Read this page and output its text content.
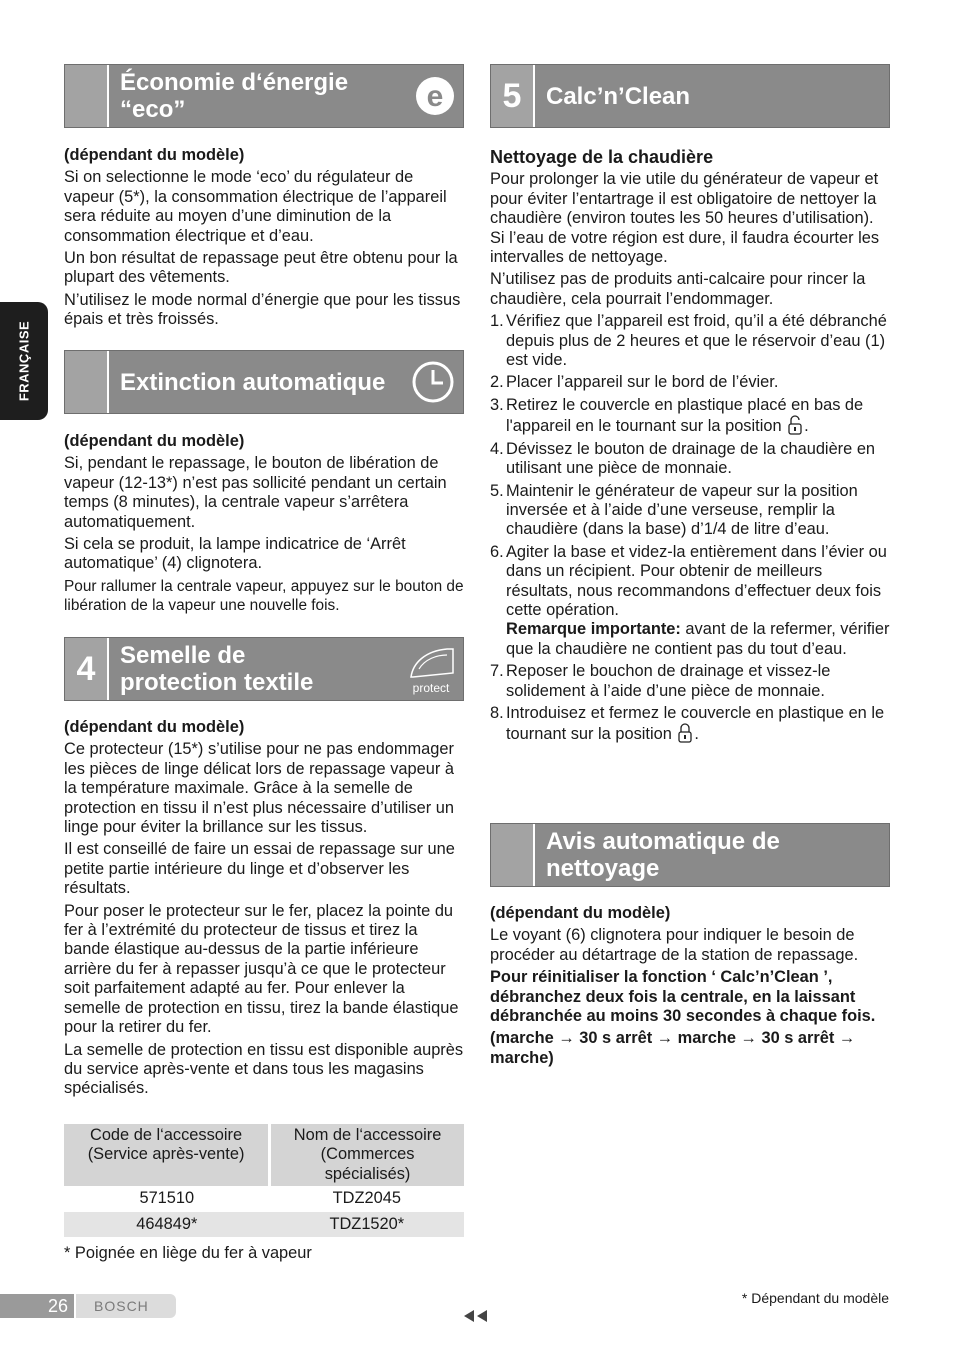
FRANÇAISE
Économie d‘énergie
“eco”	e

(dépendant du modèle)

Si on selectionne le mode ‘eco’ du régulateur de vapeur (5*), la consommation électrique de l’appareil sera réduite au moyen d’une diminution de la consommation électrique et d’eau.

Un bon résultat de repassage peut être obtenu pour la plupart des vêtements.

N’utilisez le mode normal d’énergie que pour les tissus épais et très froissés.

Extinction automatique

(dépendant du modèle)

Si, pendant le repassage, le bouton de libération de vapeur (12-13*) n’est pas sollicité pendant un certain temps (8 minutes), la centrale vapeur s’arrêtera automatiquement.

Si cela se produit, la lampe indicatrice de ‘Arrêt automatique’ (4) clignotera.

Pour rallumer la centrale vapeur, appuyez sur le bouton de libération de la vapeur une nouvelle fois.

4	Semelle de
protection textile	protect

(dépendant du modèle)

Ce protecteur (15*) s’utilise pour ne pas endommager les pièces de linge délicat lors de repassage vapeur à la température maximale. Grâce à la semelle de protection en tissu il n’est plus nécessaire d’utiliser un linge pour éviter la brillance sur les tissus.

Il est conseillé de faire un essai de repassage sur une petite partie intérieure du linge et d’observer les résultats.

Pour poser le protecteur sur le fer, placez la pointe du fer à l’extrémité du protecteur de tissus et tirez la bande élastique au-dessus de la partie inférieure arrière du fer à repasser jusqu’à ce que le protecteur soit parfaitement adapté au fer. Pour enlever la semelle de protection en tissu, tirez la bande élastique pour la retirer du fer.

La semelle de protection en tissu est disponible auprès du service après-vente et dans tous les magasins spécialisés.

Code de l‘accessoire
(Service après-vente)	Nom de l‘accessoire
(Commerces
spécialisés)
571510	TDZ2045
464849*	TDZ1520*
* Poignée en liège du fer à vapeur
5	Calc’n’Clean

Nettoyage de la chaudière

Pour prolonger la vie utile du générateur de vapeur et pour éviter l’entartrage il est obligatoire de nettoyer la chaudière (environ toutes les 50 heures d’utilisation). Si l’eau de votre région est dure, il faudra écourter les intervalles de nettoyage.

N’utilisez pas de produits anti-calcaire pour rincer la chaudière, cela pourrait l’endommager.

1. Vérifiez que l’appareil est froid, qu’il a été débranché depuis plus de 2 heures et que le réservoir d’eau (1) est vide.
2. Placer l’appareil sur le bord de l’évier.
3. Retirez le couvercle en plastique placé en bas de l'appareil en le tournant sur la position .
4. Dévissez le bouton de drainage de la chaudière en utilisant une pièce de monnaie.
5. Maintenir le générateur de vapeur sur la position inversée et à l’aide d’une verseuse, remplir la chaudière (dans la base) d’1/4 de litre d’eau.
6. Agiter la base et videz-la entièrement dans l’évier ou dans un récipient. Pour obtenir de meilleurs résultats, nous recommandons d’effectuer deux fois cette opération.
Remarque importante: avant de la refermer, vérifier que la chaudière ne contient pas du tout d’eau.
7. Reposer le bouchon de drainage et vissez-le solidement à l’aide d’une pièce de monnaie.
8. Introduisez et fermez le couvercle en plastique en le tournant sur la position .
Avis automatique de
nettoyage

(dépendant du modèle)

Le voyant (6) clignotera pour indiquer le besoin de procéder au détartrage de la station de repassage.

Pour réinitialiser la fonction ‘ Calc’n’Clean ’, débranchez deux fois la centrale, en la laissant débranchée au moins 30 secondes à chaque fois.

(marche → 30 s arrêt → marche → 30 s arrêt → marche)

26	BOSCH	* Dépendant du modèle
